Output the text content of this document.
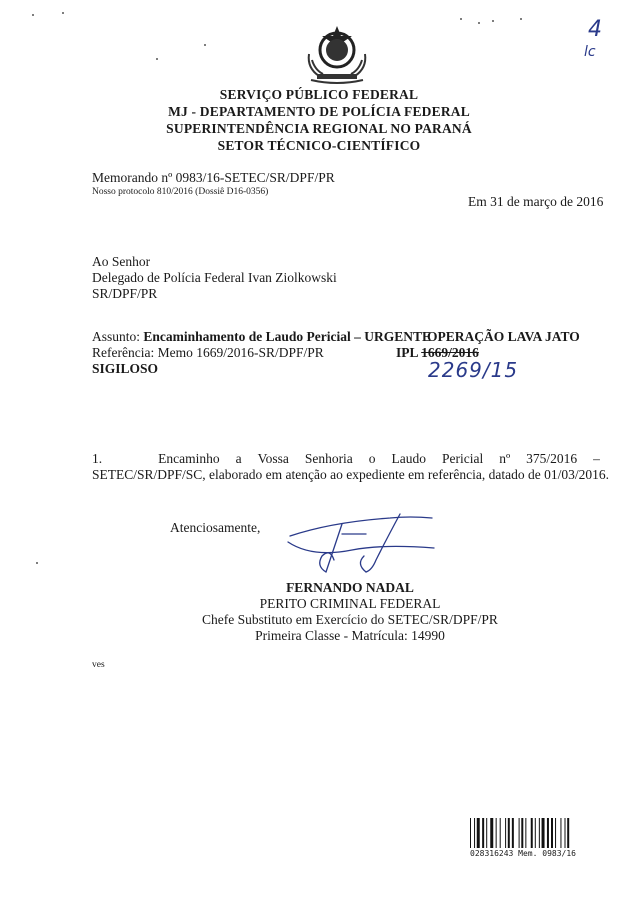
4
lc
SERVIÇO PÚBLICO FEDERAL
MJ - DEPARTAMENTO DE POLÍCIA FEDERAL
SUPERINTENDÊNCIA REGIONAL NO PARANÁ
SETOR TÉCNICO-CIENTÍFICO
Memorando nº 0983/16-SETEC/SR/DPF/PR
Nosso protocolo 810/2016 (Dossiê D16-0356)
Em 31 de março de 2016
Ao Senhor
Delegado de Polícia Federal Ivan Ziolkowski
SR/DPF/PR
Assunto: Encaminhamento de Laudo Pericial – URGENTE
OPERAÇÃO LAVA JATO
Referência: Memo 1669/2016-SR/DPF/PR	IPL 1669/2016
SIGILOSO	2269/15
1.	Encaminho a Vossa Senhoria o Laudo Pericial nº 375/2016 –
SETEC/SR/DPF/SC, elaborado em atenção ao expediente em referência, datado de 01/03/2016.
Atenciosamente,
FERNANDO NADAL
PERITO CRIMINAL FEDERAL
Chefe Substituto em Exercício do SETEC/SR/DPF/PR
Primeira Classe - Matrícula: 14990
ves
028316243 Mem. 0983/16
